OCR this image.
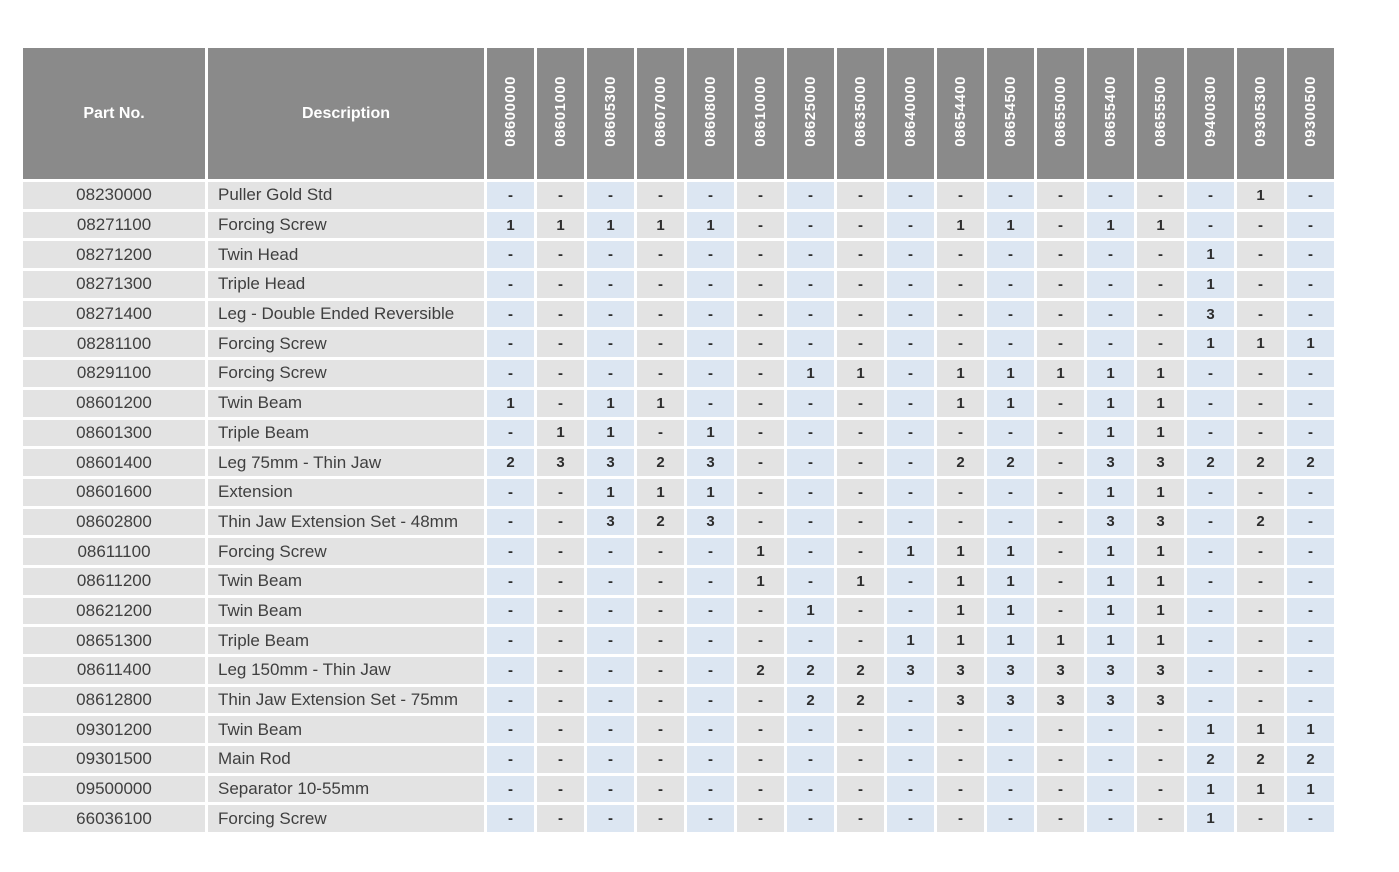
Part No.	Description	08600000	08601000	08605300	08607000	08608000	08610000	08625000	08635000	08640000	08654400	08654500	08655000	08655400	08655500	09400300	09305300	09300500
08230000	Puller Gold Std	-	-	-	-	-	-	-	-	-	-	-	-	-	-	-	1	-
08271100	Forcing Screw	1	1	1	1	1	-	-	-	-	1	1	-	1	1	-	-	-
08271200	Twin Head	-	-	-	-	-	-	-	-	-	-	-	-	-	-	1	-	-
08271300	Triple Head	-	-	-	-	-	-	-	-	-	-	-	-	-	-	1	-	-
08271400	Leg - Double Ended Reversible	-	-	-	-	-	-	-	-	-	-	-	-	-	-	3	-	-
08281100	Forcing Screw	-	-	-	-	-	-	-	-	-	-	-	-	-	-	1	1	1
08291100	Forcing Screw	-	-	-	-	-	-	1	1	-	1	1	1	1	1	-	-	-
08601200	Twin Beam	1	-	1	1	-	-	-	-	-	1	1	-	1	1	-	-	-
08601300	Triple Beam	-	1	1	-	1	-	-	-	-	-	-	-	1	1	-	-	-
08601400	Leg 75mm - Thin Jaw	2	3	3	2	3	-	-	-	-	2	2	-	3	3	2	2	2
08601600	Extension	-	-	1	1	1	-	-	-	-	-	-	-	1	1	-	-	-
08602800	Thin Jaw Extension Set - 48mm	-	-	3	2	3	-	-	-	-	-	-	-	3	3	-	2	-
08611100	Forcing Screw	-	-	-	-	-	1	-	-	1	1	1	-	1	1	-	-	-
08611200	Twin Beam	-	-	-	-	-	1	-	1	-	1	1	-	1	1	-	-	-
08621200	Twin Beam	-	-	-	-	-	-	1	-	-	1	1	-	1	1	-	-	-
08651300	Triple Beam	-	-	-	-	-	-	-	-	1	1	1	1	1	1	-	-	-
08611400	Leg 150mm - Thin Jaw	-	-	-	-	-	2	2	2	3	3	3	3	3	3	-	-	-
08612800	Thin Jaw Extension Set - 75mm	-	-	-	-	-	-	2	2	-	3	3	3	3	3	-	-	-
09301200	Twin Beam	-	-	-	-	-	-	-	-	-	-	-	-	-	-	1	1	1
09301500	Main Rod	-	-	-	-	-	-	-	-	-	-	-	-	-	-	2	2	2
09500000	Separator 10-55mm	-	-	-	-	-	-	-	-	-	-	-	-	-	-	1	1	1
66036100	Forcing Screw	-	-	-	-	-	-	-	-	-	-	-	-	-	-	1	-	-
